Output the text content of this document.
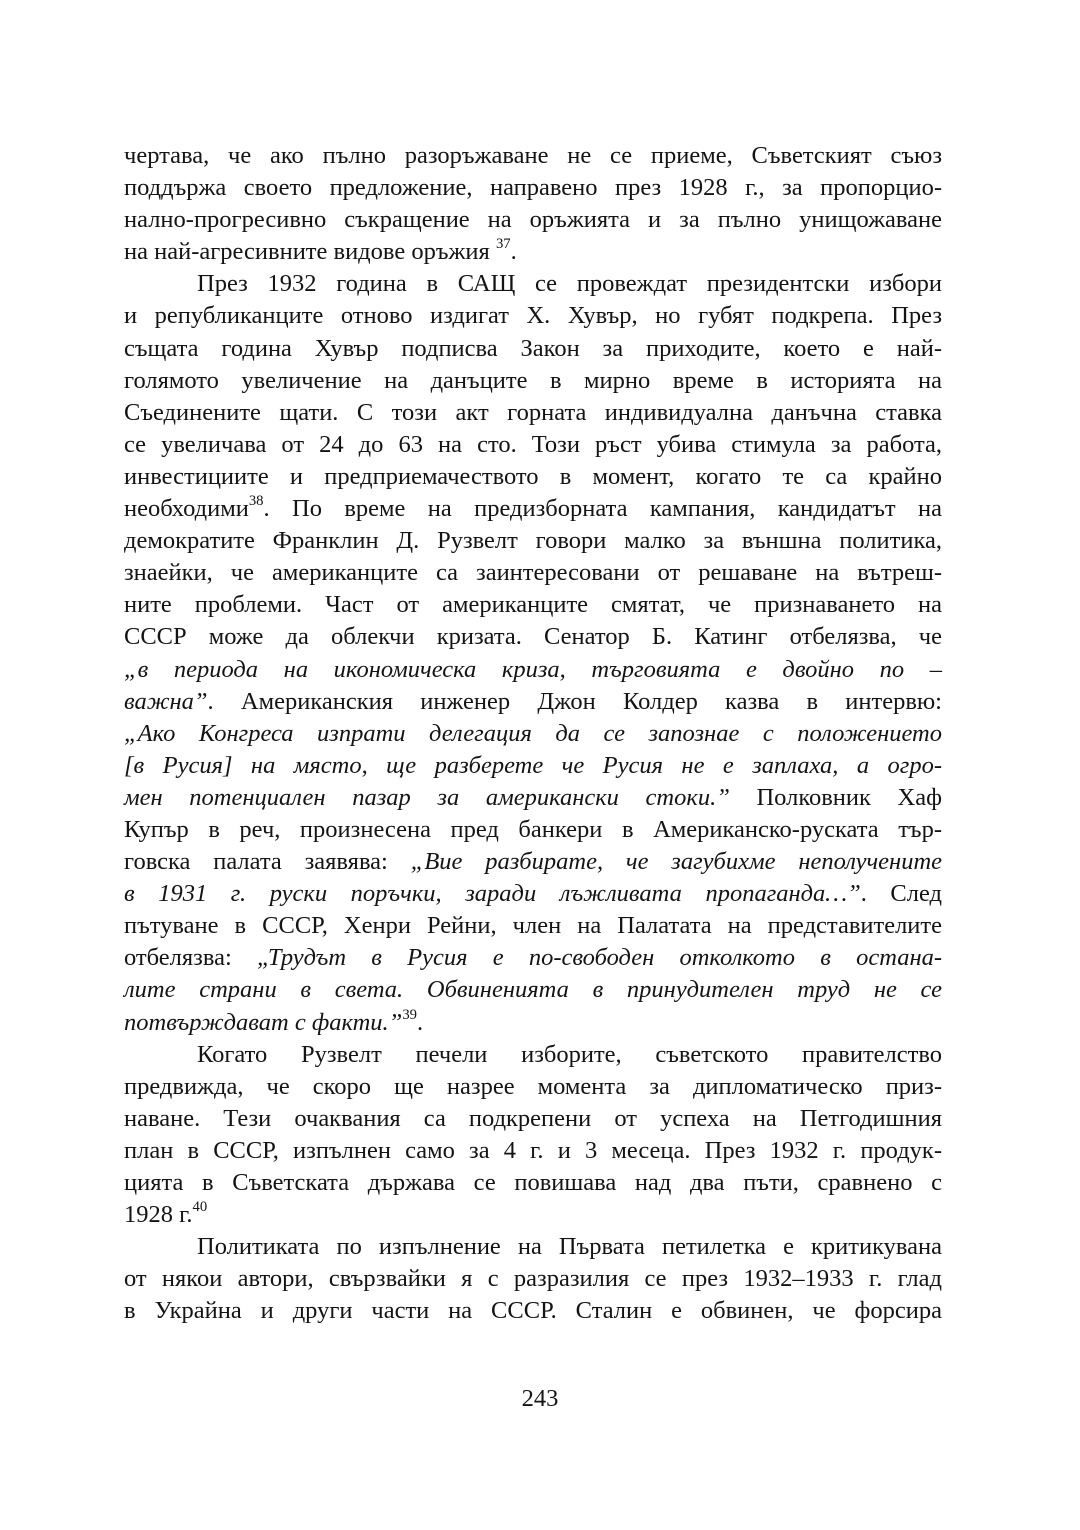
чертава, че ако пълно разоръжаване не се приеме, Съветският съюз
поддържа своето предложение, направено през 1928 г., за пропорцио-
нално-прогресивно съкращение на оръжията и за пълно унищожаване
на най-агресивните видове оръжия $^{37}$.
През 1932 година в САЩ се провеждат президентски избори
и републиканците отново издигат Х. Хувър, но губят подкрепа. През
същата година Хувър подписва Закон за приходите, което е най-
голямото увеличение на данъците в мирно време в историята на
Съединените щати. С този акт горната индивидуална данъчна ставка
се увеличава от 24 до 63 на сто. Този ръст убива стимула за работа,
инвестициите и предприемачеството в момент, когато те са крайно
необходими$^{38}$. По време на предизборната кампания, кандидатът на
демократите Франклин Д. Рузвелт говори малко за външна политика,
знаейки, че американците са заинтересовани от решаване на вътреш-
ните проблеми. Част от американците смятат, че признаването на
СССР може да облекчи кризата. Сенатор Б. Катинг отбелязва, че
„в периода на икономическа криза, търговията е двойно по –
важна”. Американския инженер Джон Колдер казва в интервю:
„Ако Конгреса изпрати делегация да се запознае с положението
[в Русия] на място, ще разберете че Русия не е заплаха, а огро-
мен потенциален пазар за американски стоки.” Полковник Хаф
Купър в реч, произнесена пред банкери в Американско-руската тър-
говска палата заявява: „Вие разбирате, че загубихме неполучените
в 1931 г. руски поръчки, заради лъжливата пропаганда…”. След
пътуване в СССР, Хенри Рейни, член на Палатата на представителите
отбелязва: „Трудът в Русия е по-свободен отколкото в остана-
лите страни в света. Обвиненията в принудителен труд не се
потвърждават с факти.”$^{39}$.
Когато Рузвелт печели изборите, съветското правителство
предвижда, че скоро ще назрее момента за дипломатическо приз-
наване. Тези очаквания са подкрепени от успеха на Петгодишния
план в СССР, изпълнен само за 4 г. и 3 месеца. През 1932 г. продук-
цията в Съветската държава се повишава над два пъти, сравнено с
1928 г.$^{40}$
Политиката по изпълнение на Първата петилетка е критикувана
от някои автори, свързвайки я с разразилия се през 1932–1933 г. глад
в Украйна и други части на СССР. Сталин е обвинен, че форсира
243
